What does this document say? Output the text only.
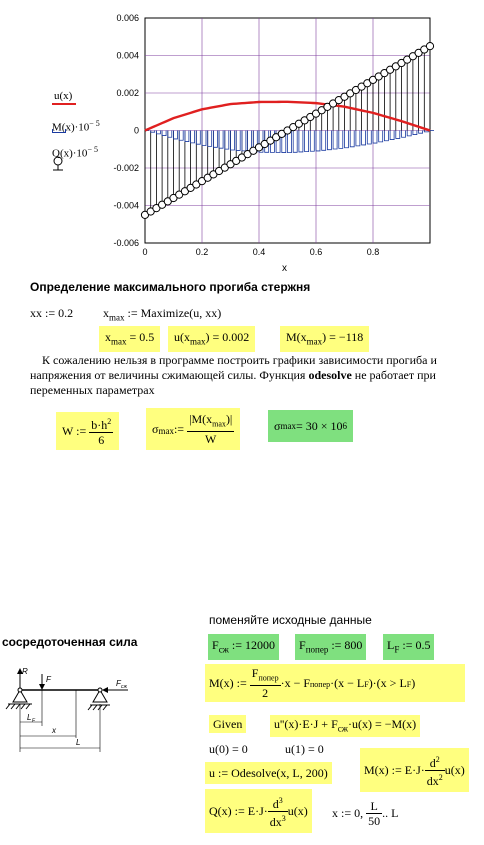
0.006
0.004
0.002
0
-0.002
-0.004
-0.006
0	0.2	0.4	0.6	0.8
u(x)
$M(x)\cdot 10^{- 5}$
$Q(x)\cdot 10^{- 5}$
x
Определение максимального прогиба стержня
xx := 0.2 $x_{max}$ := Maximize(u, xx)
$x_{max} = 0.5$	$u(x_{max}) = 0.002$	$M(x_{max}) = -118$
К сожалению нельзя в программе построить графики зависимости прогиба и напряжения от величины сжимающей силы. Функция odesolve не работает при переменных параметрах
W :=
$\frac{b\cdot h^2}{6}$	σ max :=
$\frac{|M(x_{max})|}{W}$	σ max = 30 × 10 6
поменяйте исходные данные
сосредоточенная сила	$F_{сж}$ := 12000	$F_{попер}$ := 800	$L_F$ := 0.5
M(x) :=
$\frac{F_{попер}}{2} \cdot x - F$ попер ·(x − L F )·(x > L F )
Given	$u''(x)\cdot E\cdot J + F_{сж}\cdot u(x) = -M(x)$
u(0) = 0	u(1) = 0
u := Odesolve(x, L, 200)	M(x) := $E\cdot J\cdot \frac{d^2}{dx^2} u(x)$
Q(x) := $E\cdot J\cdot \frac{d^3}{dx^3} u(x)$ x := 0,
$\frac{L}{50}$ .. L
R
F	F сж
L F
x
L
